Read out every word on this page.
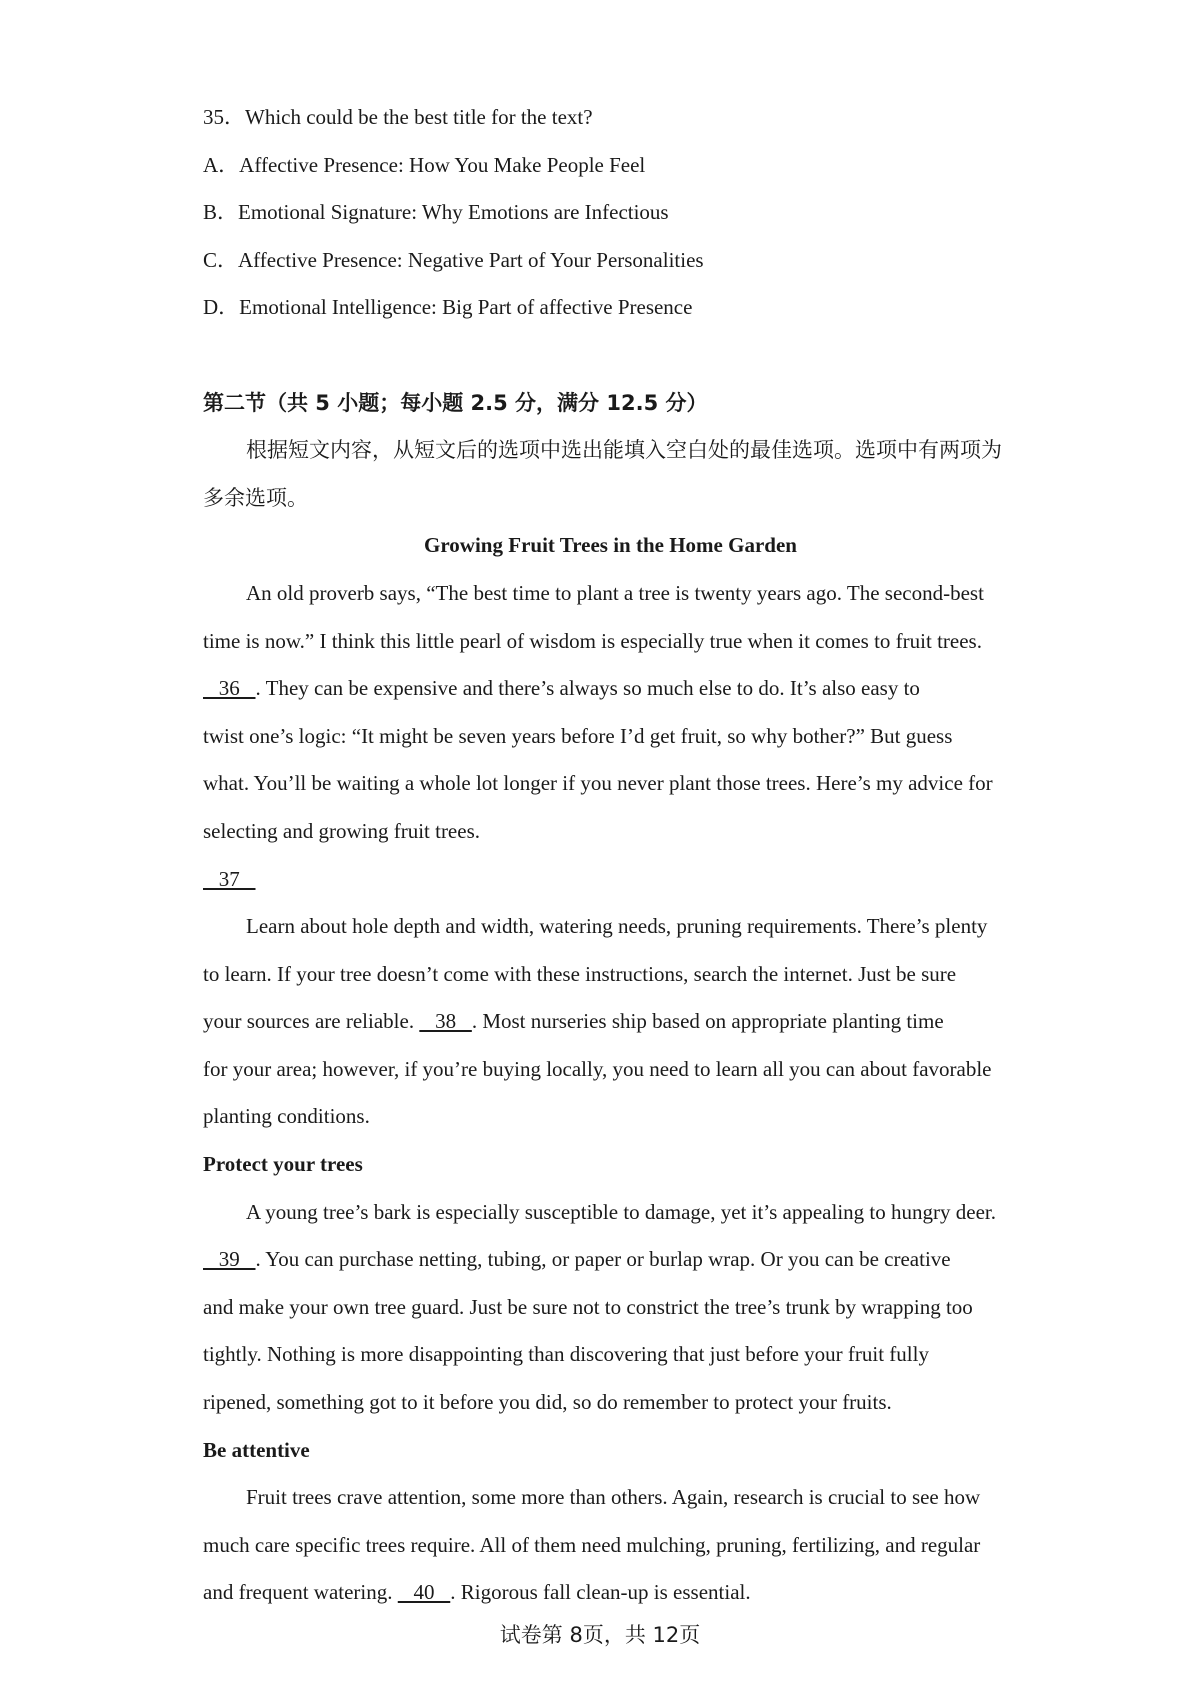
35．Which could be the best title for the text?
A．Affective Presence: How You Make People Feel
B．Emotional Signature: Why Emotions are Infectious
C．Affective Presence: Negative Part of Your Personalities
D．Emotional Intelligence: Big Part of affective Presence
第二节（共 5 小题；每小题 2.5 分，满分 12.5 分）
根据短文内容，从短文后的选项中选出能填入空白处的最佳选项。选项中有两项为
多余选项。
Growing Fruit Trees in the Home Garden
An old proverb says, “The best time to plant a tree is twenty years ago. The second-best
time is now.” I think this little pearl of wisdom is especially true when it comes to fruit trees.
36   . They can be expensive and there’s always so much else to do. It’s also easy to
twist one’s logic: “It might be seven years before I’d get fruit, so why bother?” But guess
what. You’ll be waiting a whole lot longer if you never plant those trees. Here’s my advice for
selecting and growing fruit trees.
37
Learn about hole depth and width, watering needs, pruning requirements. There’s plenty
to learn. If your tree doesn’t come with these instructions, search the internet. Just be sure
your sources are reliable.    38   . Most nurseries ship based on appropriate planting time
for your area; however, if you’re buying locally, you need to learn all you can about favorable
planting conditions.
Protect your trees
A young tree’s bark is especially susceptible to damage, yet it’s appealing to hungry deer.
39   . You can purchase netting, tubing, or paper or burlap wrap. Or you can be creative
and make your own tree guard. Just be sure not to constrict the tree’s trunk by wrapping too
tightly. Nothing is more disappointing than discovering that just before your fruit fully
ripened, something got to it before you did, so do remember to protect your fruits.
Be attentive
Fruit trees crave attention, some more than others. Again, research is crucial to see how
much care specific trees require. All of them need mulching, pruning, fertilizing, and regular
and frequent watering.    40   . Rigorous fall clean-up is essential.
试卷第 8页，共 12页
